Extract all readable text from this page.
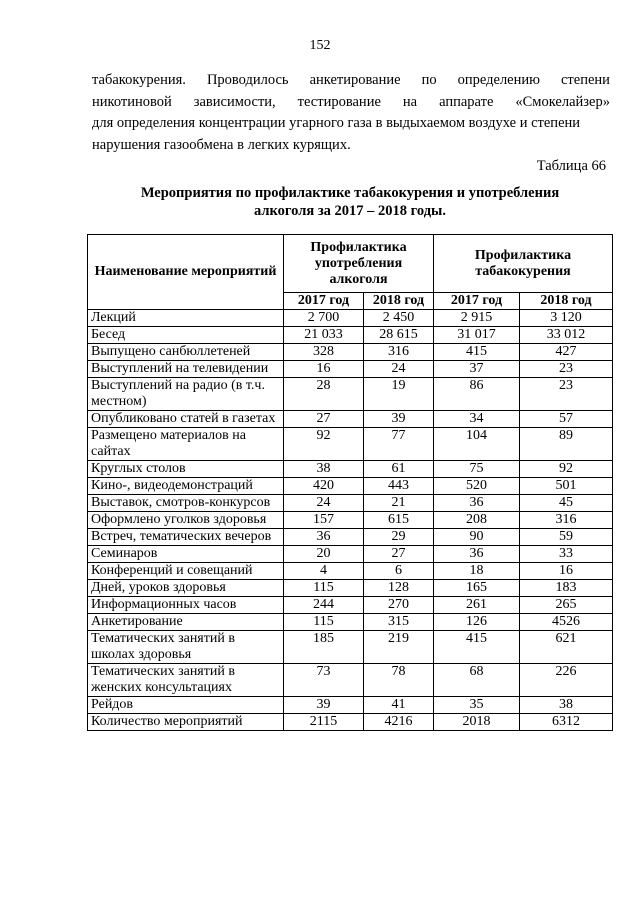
152
табакокурения. Проводилось анкетирование по определению степени
никотиновой зависимости, тестирование на аппарате «Смокелайзер»
для определения концентрации угарного газа в выдыхаемом воздухе и степени
нарушения газообмена в легких курящих.
Таблица 66
Мероприятия по профилактике табакокурения и употребления
алкоголя за 2017 – 2018 годы.
Наименование мероприятий	Профилактика употребления алкоголя		Профилактика табакокурения	
	2017 год	2018 год	2017 год	2018 год
Лекций	2 700	2 450	2 915	3 120
Бесед	21 033	28 615	31 017	33 012
Выпущено санбюллетеней	328	316	415	427
Выступлений на телевидении	16	24	37	23
Выступлений на радио (в т.ч. местном)	28	19	86	23
Опубликовано статей в газетах	27	39	34	57
Размещено материалов на сайтах	92	77	104	89
Круглых столов	38	61	75	92
Кино-, видеодемонстраций	420	443	520	501
Выставок, смотров-конкурсов	24	21	36	45
Оформлено уголков здоровья	157	615	208	316
Встреч, тематических вечеров	36	29	90	59
Семинаров	20	27	36	33
Конференций и совещаний	4	6	18	16
Дней, уроков здоровья	115	128	165	183
Информационных часов	244	270	261	265
Анкетирование	115	315	126	4526
Тематических занятий в школах здоровья	185	219	415	621
Тематических занятий в женских консультациях	73	78	68	226
Рейдов	39	41	35	38
Количество мероприятий	2115	4216	2018	6312
